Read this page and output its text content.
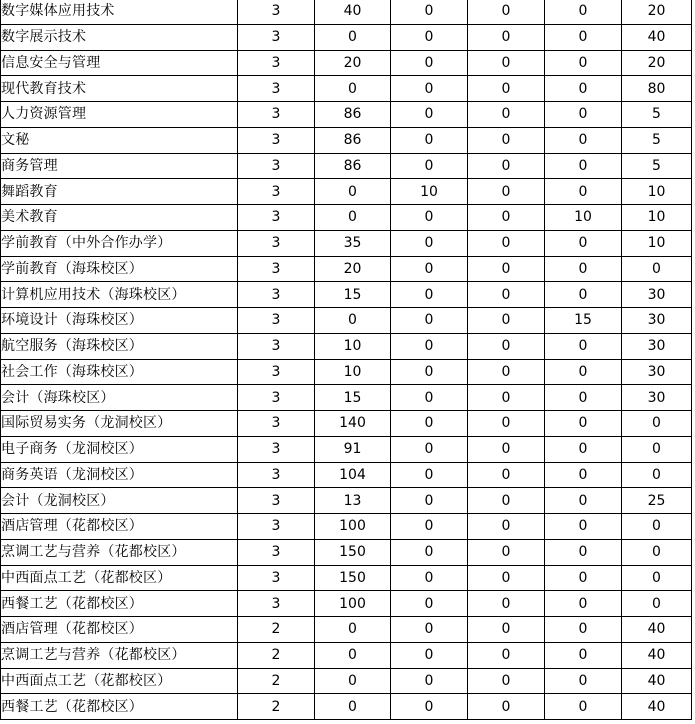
数字媒体应用技术	3	40	0	0	0	20
数字展示技术	3	0	0	0	0	40
信息安全与管理	3	20	0	0	0	20
现代教育技术	3	0	0	0	0	80
人力资源管理	3	86	0	0	0	5
文秘	3	86	0	0	0	5
商务管理	3	86	0	0	0	5
舞蹈教育	3	0	10	0	0	10
美术教育	3	0	0	0	10	10
学前教育（中外合作办学）	3	35	0	0	0	10
学前教育（海珠校区）	3	20	0	0	0	0
计算机应用技术（海珠校区）	3	15	0	0	0	30
环境设计（海珠校区）	3	0	0	0	15	30
航空服务（海珠校区）	3	10	0	0	0	30
社会工作（海珠校区）	3	10	0	0	0	30
会计（海珠校区）	3	15	0	0	0	30
国际贸易实务（龙洞校区）	3	140	0	0	0	0
电子商务（龙洞校区）	3	91	0	0	0	0
商务英语（龙洞校区）	3	104	0	0	0	0
会计（龙洞校区）	3	13	0	0	0	25
酒店管理（花都校区）	3	100	0	0	0	0
烹调工艺与营养（花都校区）	3	150	0	0	0	0
中西面点工艺（花都校区）	3	150	0	0	0	0
西餐工艺（花都校区）	3	100	0	0	0	0
酒店管理（花都校区）	2	0	0	0	0	40
烹调工艺与营养（花都校区）	2	0	0	0	0	40
中西面点工艺（花都校区）	2	0	0	0	0	40
西餐工艺（花都校区）	2	0	0	0	0	40
